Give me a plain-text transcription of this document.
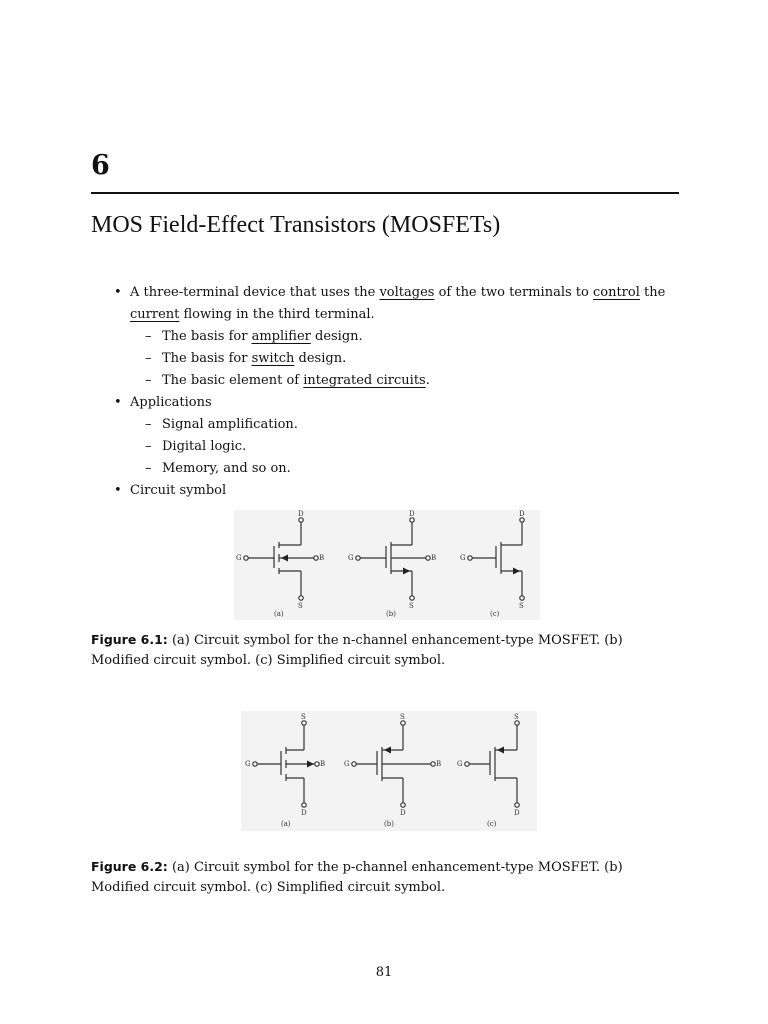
6
MOS Field-Effect Transistors (MOSFETs)
• A three-terminal device that uses the voltages of the two terminals to control the current flowing in the third terminal.
– The basis for amplifier design.
– The basis for switch design.
– The basic element of integrated circuits.
• Applications
– Signal amplification.
– Digital logic.
– Memory, and so on.
• Circuit symbol
D
G	B
S
(a)
D
G	B
S
(b)
D
G
S
(c)
Figure 6.1: (a) Circuit symbol for the n-channel enhancement-type MOSFET. (b) Modified circuit symbol. (c) Simplified circuit symbol.
S
G	B
D
(a)
S
G	B
D
(b)
S
G
D
(c)
Figure 6.2: (a) Circuit symbol for the p-channel enhancement-type MOSFET. (b) Modified circuit symbol. (c) Simplified circuit symbol.
81
